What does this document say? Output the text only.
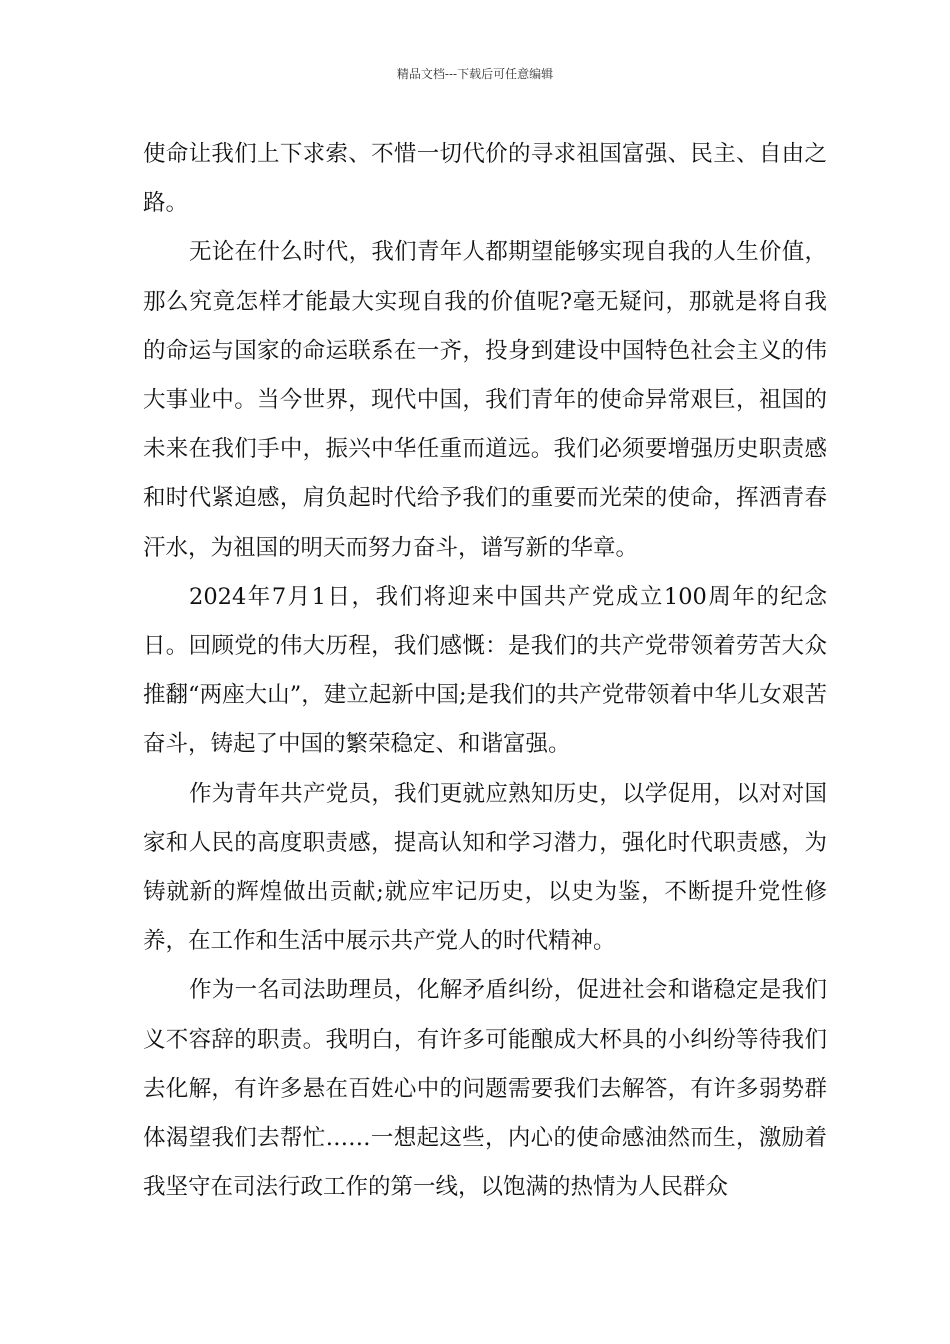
精品文档---下载后可任意编辑

使命让我们上下求索、不惜一切代价的寻求祖国富强、民主、自由之路。

无论在什么时代，我们青年人都期望能够实现自我的人生价值，那么究竟怎样才能最大实现自我的价值呢?毫无疑问，那就是将自我的命运与国家的命运联系在一齐，投身到建设中国特色社会主义的伟大事业中。当今世界，现代中国，我们青年的使命异常艰巨，祖国的未来在我们手中，振兴中华任重而道远。我们必须要增强历史职责感和时代紧迫感，肩负起时代给予我们的重要而光荣的使命，挥洒青春汗水，为祖国的明天而努力奋斗，谱写新的华章。

2024年7月1日，我们将迎来中国共产党成立100周年的纪念日。回顾党的伟大历程，我们感慨：是我们的共产党带领着劳苦大众推翻“两座大山”，建立起新中国;是我们的共产党带领着中华儿女艰苦奋斗，铸起了中国的繁荣稳定、和谐富强。

作为青年共产党员，我们更就应熟知历史，以学促用，以对对国家和人民的高度职责感，提高认知和学习潜力，强化时代职责感，为铸就新的辉煌做出贡献;就应牢记历史，以史为鉴，不断提升党性修养，在工作和生活中展示共产党人的时代精神。

作为一名司法助理员，化解矛盾纠纷，促进社会和谐稳定是我们义不容辞的职责。我明白，有许多可能酿成大杯具的小纠纷等待我们去化解，有许多悬在百姓心中的问题需要我们去解答，有许多弱势群体渴望我们去帮忙……一想起这些，内心的使命感油然而生，激励着我坚守在司法行政工作的第一线，以饱满的热情为人民群众
